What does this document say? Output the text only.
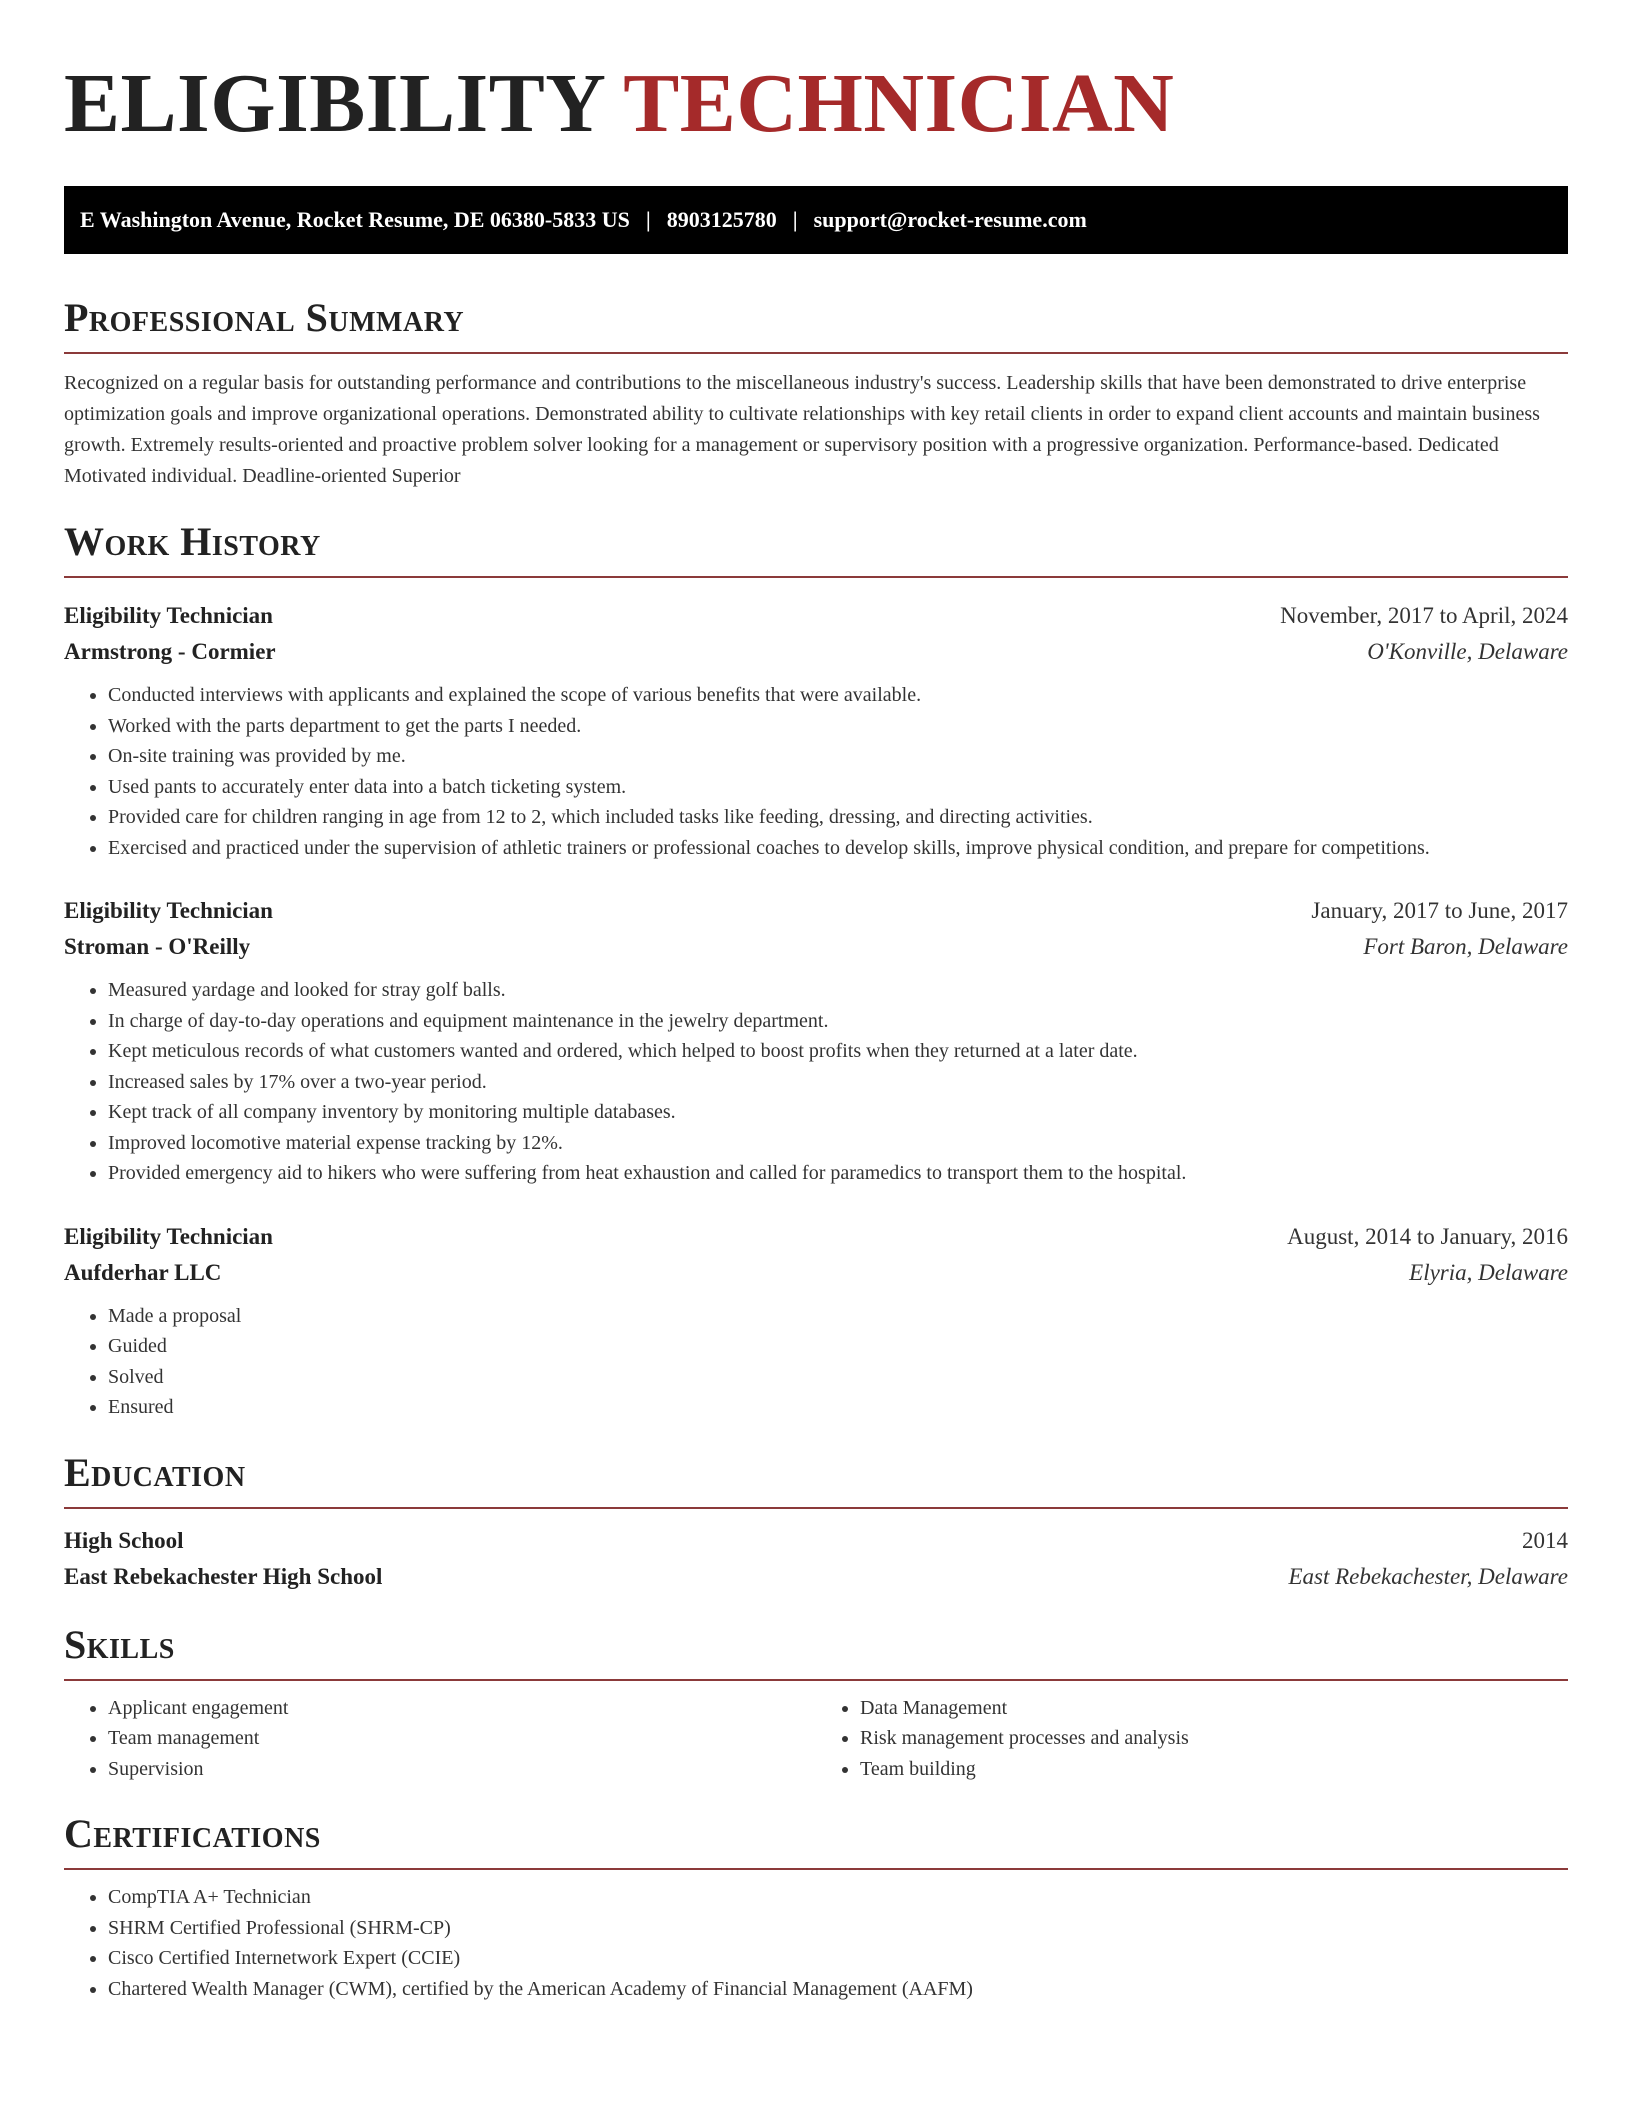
ELIGIBILITY TECHNICIAN
E Washington Avenue, Rocket Resume, DE 06380-5833 US | 8903125780 | support@rocket-resume.com
Professional Summary
Recognized on a regular basis for outstanding performance and contributions to the miscellaneous industry's success. Leadership skills that have been demonstrated to drive enterprise optimization goals and improve organizational operations. Demonstrated ability to cultivate relationships with key retail clients in order to expand client accounts and maintain business growth. Extremely results-oriented and proactive problem solver looking for a management or supervisory position with a progressive organization. Performance-based. Dedicated Motivated individual. Deadline-oriented Superior
Work History
Eligibility Technician	November, 2017 to April, 2024
Armstrong - Cormier	O'Konville, Delaware
• Conducted interviews with applicants and explained the scope of various benefits that were available.
• Worked with the parts department to get the parts I needed.
• On-site training was provided by me.
• Used pants to accurately enter data into a batch ticketing system.
• Provided care for children ranging in age from 12 to 2, which included tasks like feeding, dressing, and directing activities.
• Exercised and practiced under the supervision of athletic trainers or professional coaches to develop skills, improve physical condition, and prepare for competitions.
Eligibility Technician	January, 2017 to June, 2017
Stroman - O'Reilly	Fort Baron, Delaware
• Measured yardage and looked for stray golf balls.
• In charge of day-to-day operations and equipment maintenance in the jewelry department.
• Kept meticulous records of what customers wanted and ordered, which helped to boost profits when they returned at a later date.
• Increased sales by 17% over a two-year period.
• Kept track of all company inventory by monitoring multiple databases.
• Improved locomotive material expense tracking by 12%.
• Provided emergency aid to hikers who were suffering from heat exhaustion and called for paramedics to transport them to the hospital.
Eligibility Technician	August, 2014 to January, 2016
Aufderhar LLC	Elyria, Delaware
• Made a proposal
• Guided
• Solved
• Ensured
Education
High School	2014
East Rebekachester High School	East Rebekachester, Delaware
Skills
• Applicant engagement
• Team management
• Supervision
• Data Management
• Risk management processes and analysis
• Team building
Certifications
• CompTIA A+ Technician
• SHRM Certified Professional (SHRM-CP)
• Cisco Certified Internetwork Expert (CCIE)
• Chartered Wealth Manager (CWM), certified by the American Academy of Financial Management (AAFM)
